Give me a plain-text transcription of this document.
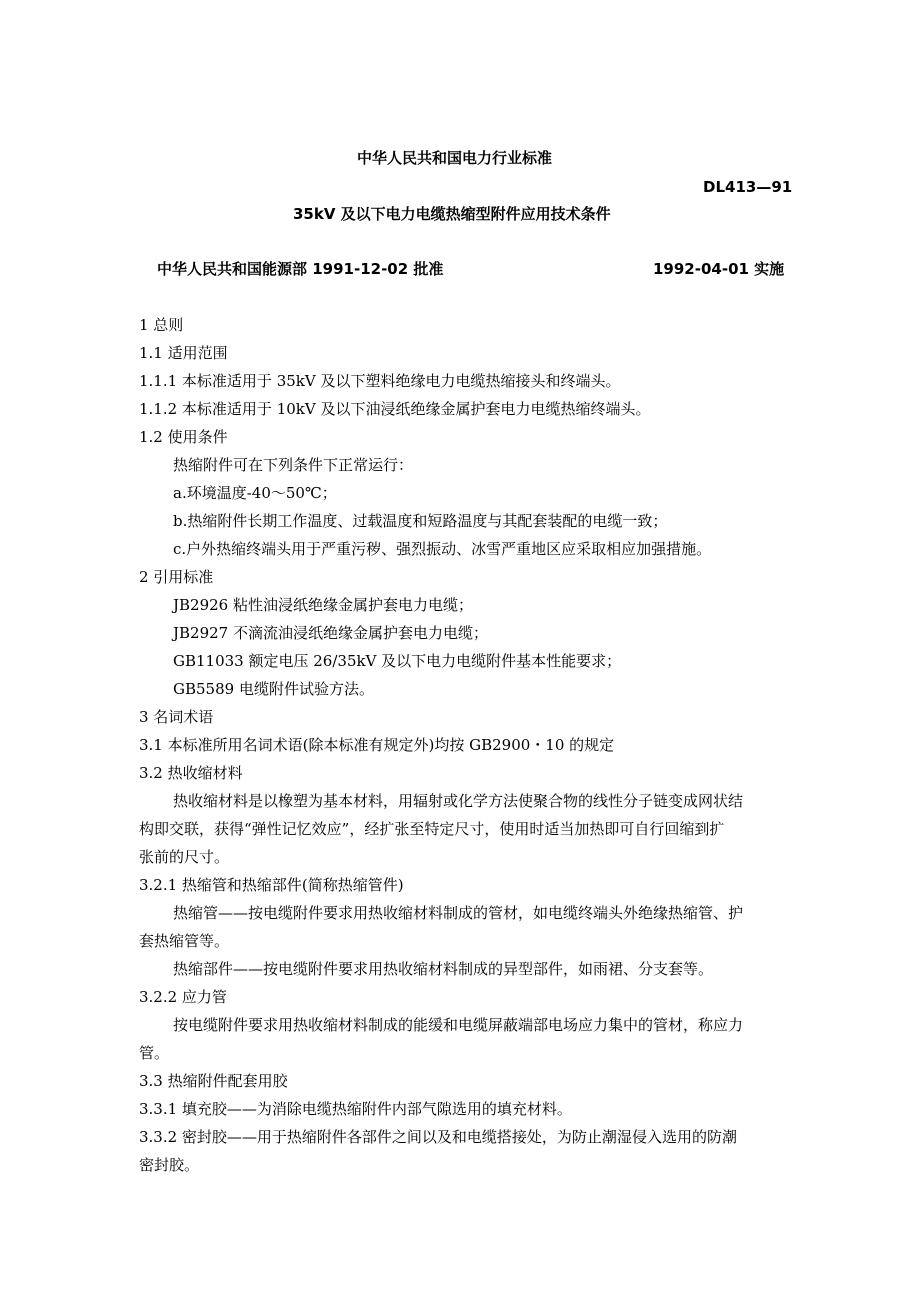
中华人民共和国电力行业标准
DL413—91
35kV 及以下电力电缆热缩型附件应用技术条件
中华人民共和国能源部 1991-12-02 批准	1992-04-01 实施
1 总则
1.1 适用范围
1.1.1 本标准适用于 35kV 及以下塑料绝缘电力电缆热缩接头和终端头。
1.1.2 本标准适用于 10kV 及以下油浸纸绝缘金属护套电力电缆热缩终端头。
1.2 使用条件
热缩附件可在下列条件下正常运行：
a.环境温度-40～50℃；
b.热缩附件长期工作温度、过载温度和短路温度与其配套装配的电缆一致；
c.户外热缩终端头用于严重污秽、强烈振动、冰雪严重地区应采取相应加强措施。
2 引用标准
JB2926 粘性油浸纸绝缘金属护套电力电缆；
JB2927 不滴流油浸纸绝缘金属护套电力电缆；
GB11033 额定电压 26/35kV 及以下电力电缆附件基本性能要求；
GB5589 电缆附件试验方法。
3 名词术语
3.1 本标准所用名词术语(除本标准有规定外)均按 GB2900・10 的规定
3.2 热收缩材料
热收缩材料是以橡塑为基本材料，用辐射或化学方法使聚合物的线性分子链变成网状结
构即交联，获得“弹性记忆效应”，经扩张至特定尺寸，使用时适当加热即可自行回缩到扩
张前的尺寸。
3.2.1 热缩管和热缩部件(简称热缩管件)
热缩管——按电缆附件要求用热收缩材料制成的管材，如电缆终端头外绝缘热缩管、护
套热缩管等。
热缩部件——按电缆附件要求用热收缩材料制成的异型部件，如雨裙、分支套等。
3.2.2 应力管
按电缆附件要求用热收缩材料制成的能缓和电缆屏蔽端部电场应力集中的管材，称应力
管。
3.3 热缩附件配套用胶
3.3.1 填充胶——为消除电缆热缩附件内部气隙选用的填充材料。
3.3.2 密封胶——用于热缩附件各部件之间以及和电缆搭接处，为防止潮湿侵入选用的防潮
密封胶。
